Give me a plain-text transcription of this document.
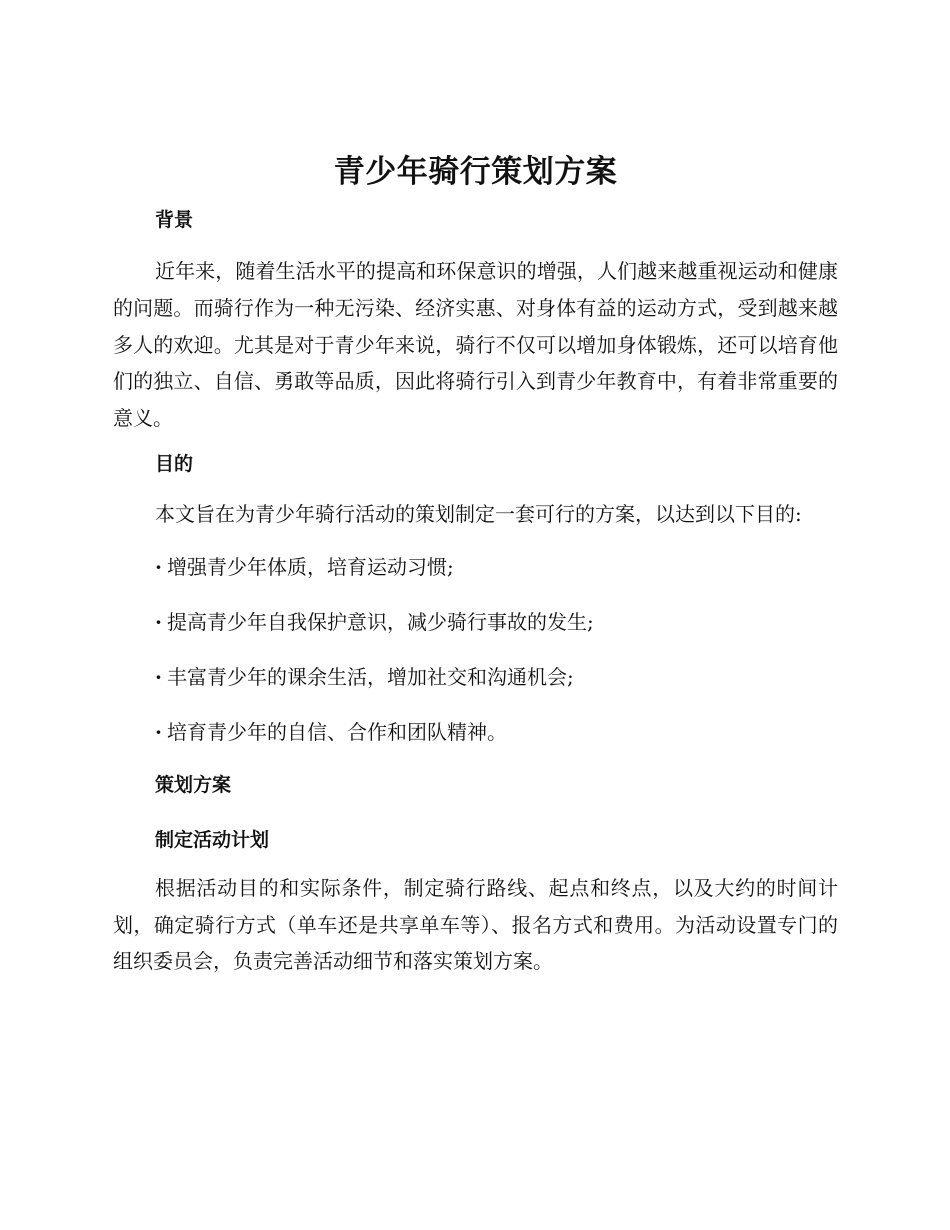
青少年骑行策划方案
背景

近年来，随着生活水平的提高和环保意识的增强，人们越来越重视运动和健康的问题。而骑行作为一种无污染、经济实惠、对身体有益的运动方式，受到越来越多人的欢迎。尤其是对于青少年来说，骑行不仅可以增加身体锻炼，还可以培育他们的独立、自信、勇敢等品质，因此将骑行引入到青少年教育中，有着非常重要的意义。

目的

本文旨在为青少年骑行活动的策划制定一套可行的方案，以达到以下目的:

· 增强青少年体质，培育运动习惯;

· 提高青少年自我保护意识，减少骑行事故的发生;

· 丰富青少年的课余生活，增加社交和沟通机会;

· 培育青少年的自信、合作和团队精神。

策划方案
制定活动计划

根据活动目的和实际条件，制定骑行路线、起点和终点，以及大约的时间计划，确定骑行方式（单车还是共享单车等）、报名方式和费用。为活动设置专门的组织委员会，负责完善活动细节和落实策划方案。
